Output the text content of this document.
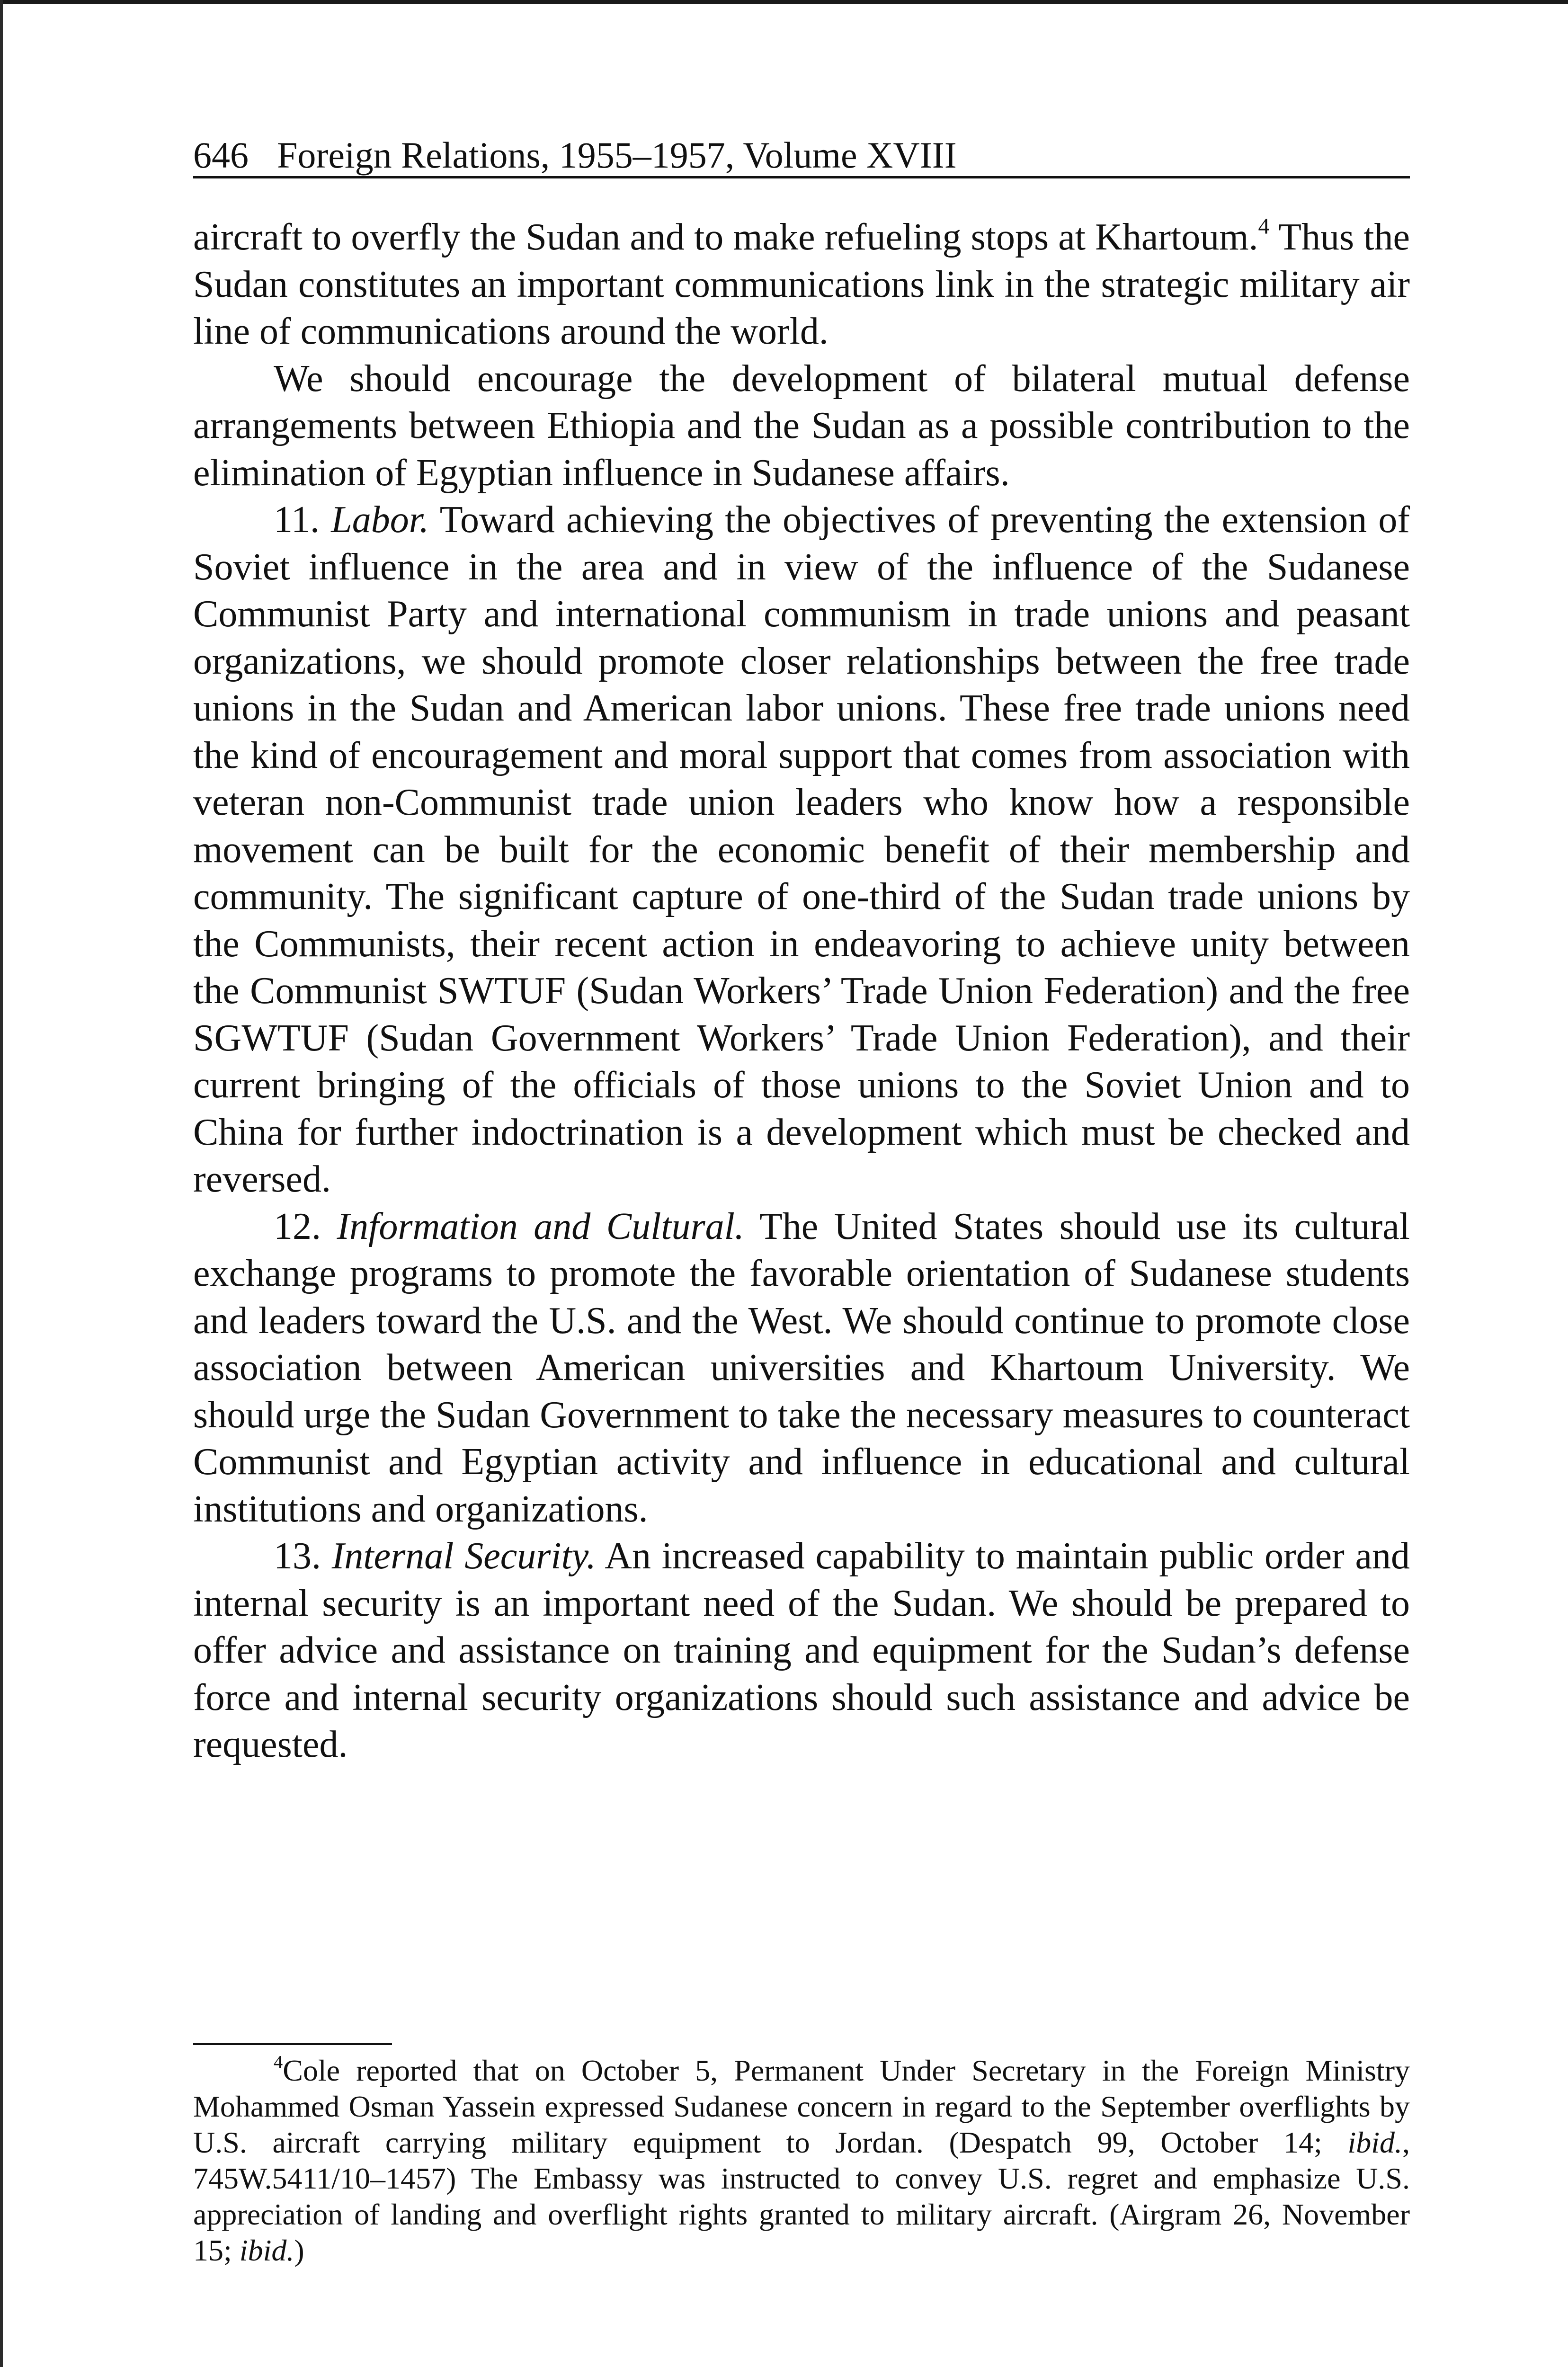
646 Foreign Relations, 1955–1957, Volume XVIII

aircraft to overfly the Sudan and to make refueling stops at Khartoum.$^4$ Thus the Sudan constitutes an important communications link in the strategic military air line of communications around the world.

We should encourage the development of bilateral mutual defense arrangements between Ethiopia and the Sudan as a possible contribution to the elimination of Egyptian influence in Sudanese affairs.

11. Labor. Toward achieving the objectives of preventing the extension of Soviet influence in the area and in view of the influence of the Sudanese Communist Party and international communism in trade unions and peasant organizations, we should promote closer relationships between the free trade unions in the Sudan and American labor unions. These free trade unions need the kind of encouragement and moral support that comes from association with veteran non-Communist trade union leaders who know how a responsible movement can be built for the economic benefit of their membership and community. The significant capture of one-third of the Sudan trade unions by the Communists, their recent action in endeavoring to achieve unity between the Communist SWTUF (Sudan Workers’ Trade Union Federation) and the free SGWTUF (Sudan Government Workers’ Trade Union Federation), and their current bringing of the officials of those unions to the Soviet Union and to China for further indoctrination is a development which must be checked and reversed.

12. Information and Cultural. The United States should use its cultural exchange programs to promote the favorable orientation of Sudanese students and leaders toward the U.S. and the West. We should continue to promote close association between American universities and Khartoum University. We should urge the Sudan Government to take the necessary measures to counteract Communist and Egyptian activity and influence in educational and cultural institutions and organizations.

13. Internal Security. An increased capability to maintain public order and internal security is an important need of the Sudan. We should be prepared to offer advice and assistance on training and equipment for the Sudan’s defense force and internal security organizations should such assistance and advice be requested.

$^4$Cole reported that on October 5, Permanent Under Secretary in the Foreign Ministry Mohammed Osman Yassein expressed Sudanese concern in regard to the September overflights by U.S. aircraft carrying military equipment to Jordan. (Despatch 99, October 14; ibid., 745W.5411/10–1457) The Embassy was instructed to convey U.S. regret and emphasize U.S. appreciation of landing and overflight rights granted to military aircraft. (Airgram 26, November 15; ibid.)
